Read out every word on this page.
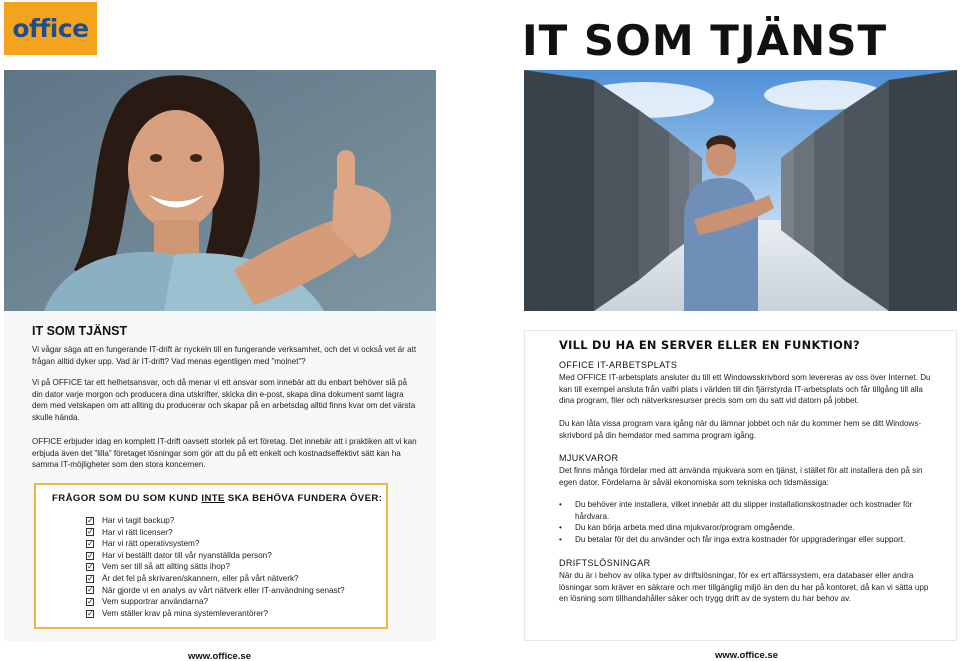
office
IT SOM TJÄNST
Vi vågar säga att en fungerande IT-drift är nyckeln till en fungerande verksamhet, och det vi också vet är att frågan alltid dyker upp. Vad är IT-drift? Vad menas egentligen med ”molnet”?
Vi på OFFICE tar ett helhetsansvar, och då menar vi ett ansvar som innebär att du enbart behöver slå på din dator varje morgon och producera dina utskrifter, skicka din e-post, skapa dina dokument samt lagra dem med vetskapen om att allting du producerar och skapar på en arbetsdag alltid finns kvar om det värsta skulle hända.
OFFICE erbjuder idag en komplett IT-drift oavsett storlek på ert företag. Det innebär att i praktiken att vi kan erbjuda även det ”lilla” företaget lösningar som gör att du på ett enkelt och kostnadseffektivt sätt kan ha samma IT-möjligheter som den stora koncernen.
FRÅGOR SOM DU SOM KUND INTE SKA BEHÖVA FUNDERA ÖVER:
✓ Har vi tagit backup?
✓ Har vi rätt licenser?
✓ Har vi rätt operativsystem?
✓ Har vi beställt dator till vår nyanställda person?
✓ Vem ser till så att allting sätts ihop?
✓ Är det fel på skrivaren/skannern, eller på vårt nätverk?
✓ När gjorde vi en analys av vårt nätverk eller IT-användning senast?
✓ Vem supportrar användarna?
✓ Vem ställer krav på mina systemleverantörer?
www.office.se
IT SOM TJÄNST
VILL DU HA EN SERVER ELLER EN FUNKTION?
OFFICE IT-ARBETSPLATS
Med OFFICE IT-arbetsplats ansluter du till ett Windowsskrivbord som levereras av oss över Internet. Du kan till exempel ansluta från valfri plats i världen till din fjärrstyrda IT-arbetsplats och får tillgång till alla dina program, filer och nätverksresurser precis som om du satt vid datorn på jobbet.
Du kan låta vissa program vara igång när du lämnar jobbet och när du kommer hem se ditt Windows-skrivbord på din hemdator med samma program igång.
MJUKVAROR
Det finns många fördelar med att använda mjukvara som en tjänst, i stället för att installera den på sin egen dator. Fördelarna är såväl ekonomiska som tekniska och tidsmässiga:
• Du behöver inte installera, vilket innebär att du slipper installationskostnader och kostnader för hårdvara.
• Du kan börja arbeta med dina mjukvaror/program omgående.
• Du betalar för det du använder och får inga extra kostnader för uppgraderingar eller support.
DRIFTSLÖSNINGAR
När du är i behov av olika typer av driftslösningar, för ex ert affärssystem, era databaser eller andra lösningar som kräver en säkrare och mer tillgänglig miljö än den du har på kontoret, då kan vi sätta upp en lösning som tillhandahåller säker och trygg drift av de system du har behov av.
www.office.se
